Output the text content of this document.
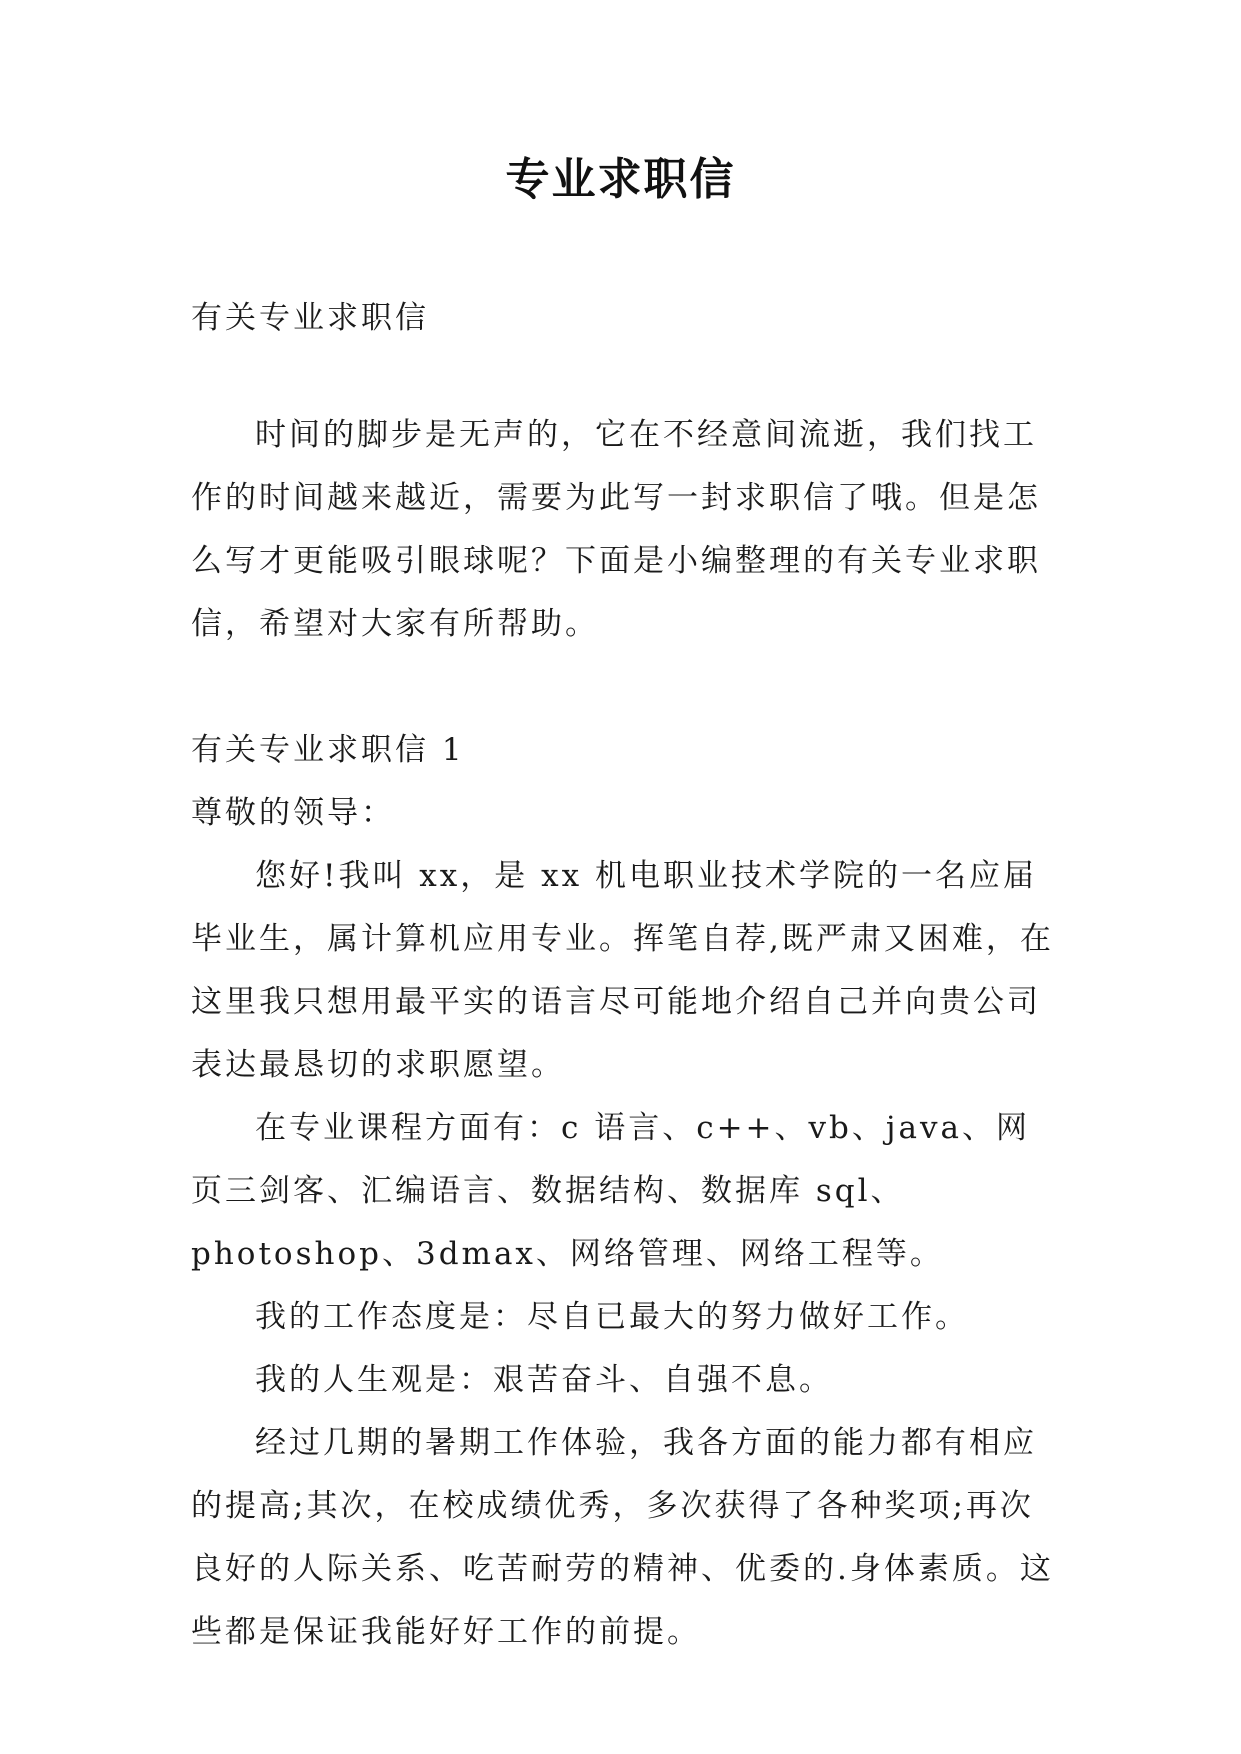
专业求职信

有关专业求职信

时间的脚步是无声的，它在不经意间流逝，我们找工作的时间越来越近，需要为此写一封求职信了哦。但是怎么写才更能吸引眼球呢？下面是小编整理的有关专业求职信，希望对大家有所帮助。

有关专业求职信 1

尊敬的领导：

您好!我叫 xx，是 xx 机电职业技术学院的一名应届毕业生，属计算机应用专业。挥笔自荐,既严肃又困难，在这里我只想用最平实的语言尽可能地介绍自己并向贵公司表达最恳切的求职愿望。

在专业课程方面有：c 语言、c++、vb、java、网页三剑客、汇编语言、数据结构、数据库 sql、photoshop、3dmax、网络管理、网络工程等。

我的工作态度是：尽自已最大的努力做好工作。

我的人生观是：艰苦奋斗、自强不息。

经过几期的暑期工作体验，我各方面的能力都有相应的提高;其次，在校成绩优秀，多次获得了各种奖项;再次良好的人际关系、吃苦耐劳的精神、优委的.身体素质。这些都是保证我能好好工作的前提。
